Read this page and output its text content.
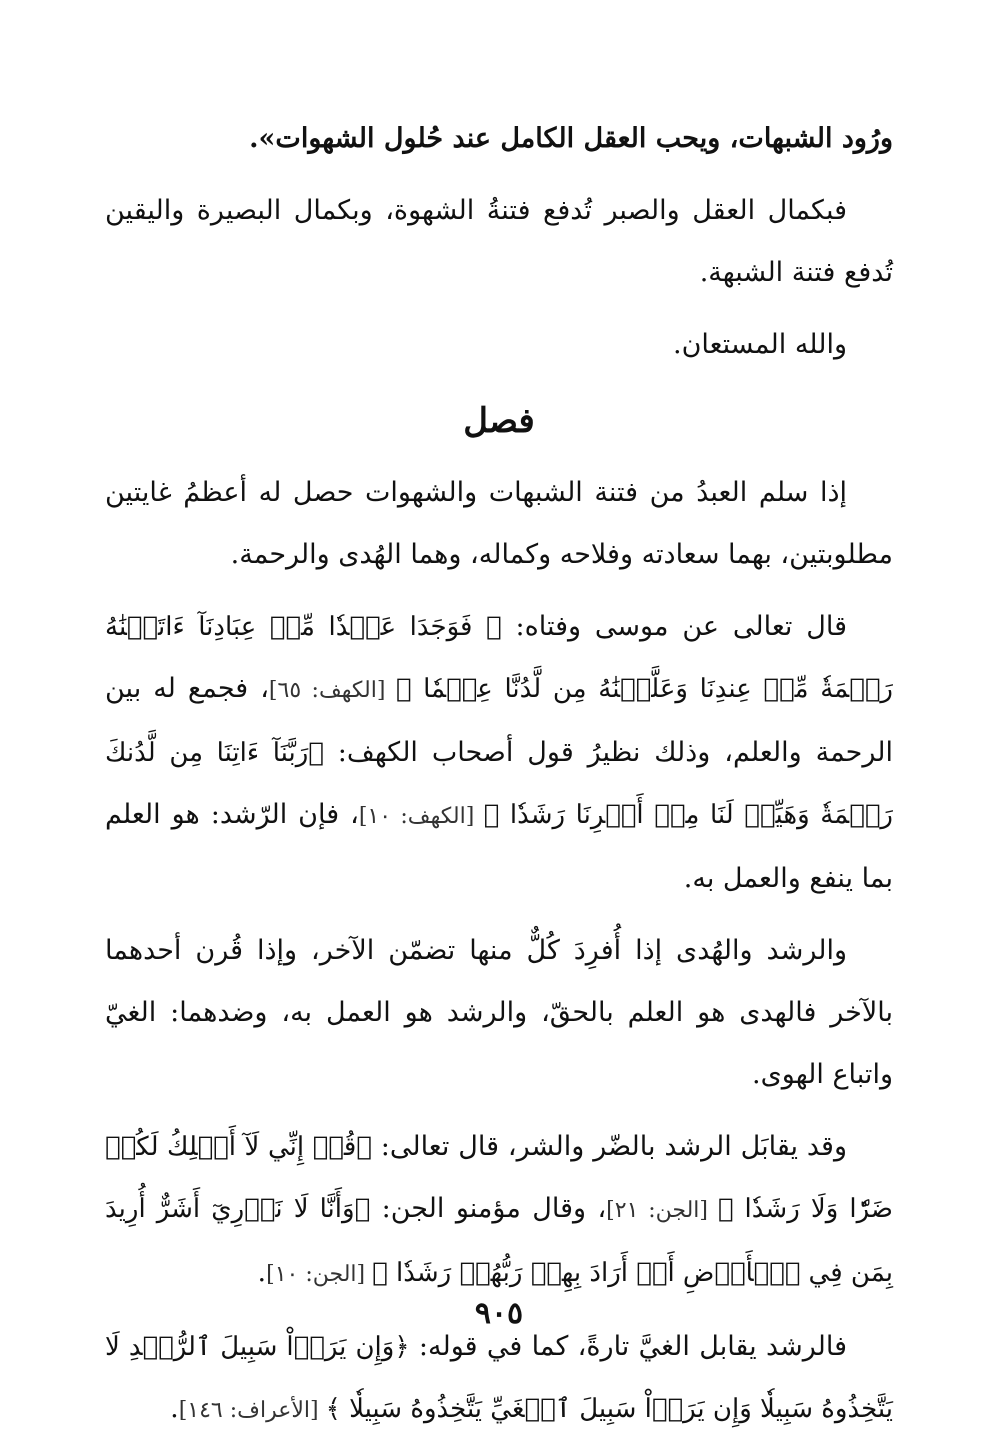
ورُود الشبهات، ويحب العقل الكامل عند حُلول الشهوات».

فبكمال العقل والصبر تُدفع فتنةُ الشهوة، وبكمال البصيرة واليقين تُدفع فتنة الشبهة.

والله المستعان.

فصل

إذا سلم العبدُ من فتنة الشبهات والشهوات حصل له أعظمُ غايتين مطلوبتين، بهما سعادته وفلاحه وكماله، وهما الهُدى والرحمة.

قال تعالى عن موسى وفتاه: ﴿ فَوَجَدَا عَبۡدٗا مِّنۡ عِبَادِنَآ ءَاتَيۡنَٰهُ رَحۡمَةٗ مِّنۡ عِندِنَا وَعَلَّمۡنَٰهُ مِن لَّدُنَّا عِلۡمٗا ﴾ [الكهف: ٦٥]، فجمع له بين الرحمة والعلم، وذلك نظيرُ قول أصحاب الكهف: ﴿رَبَّنَآ ءَاتِنَا مِن لَّدُنكَ رَحۡمَةٗ وَهَيِّئۡ لَنَا مِنۡ أَمۡرِنَا رَشَدٗا ﴾ [الكهف: ١٠]، فإن الرّشد: هو العلم بما ينفع والعمل به.

والرشد والهُدى إذا أُفرِدَ كُلٌّ منها تضمّن الآخر، وإذا قُرن أحدهما بالآخر فالهدى هو العلم بالحقّ، والرشد هو العمل به، وضدهما: الغيّ واتباع الهوى.

وقد يقابَل الرشد بالضّر والشر، قال تعالى: ﴿قُلۡ إِنِّي لَآ أَمۡلِكُ لَكُمۡ ضَرّٗا وَلَا رَشَدٗا ﴾ [الجن: ٢١]، وقال مؤمنو الجن: ﴿وَأَنَّا لَا نَدۡرِيٓ أَشَرٌّ أُرِيدَ بِمَن فِي ٱلۡأَرۡضِ أَمۡ أَرَادَ بِهِمۡ رَبُّهُمۡ رَشَدٗا ﴾ [الجن: ١٠].

فالرشد يقابل الغيَّ تارةً، كما في قوله: ﴿وَإِن يَرَوۡاْ سَبِيلَ ٱلرُّشۡدِ لَا يَتَّخِذُوهُ سَبِيلٗا وَإِن يَرَوۡاْ سَبِيلَ ٱلۡغَيِّ يَتَّخِذُوهُ سَبِيلٗا ﴾ [الأعراف: ١٤٦].

٩٠٥
